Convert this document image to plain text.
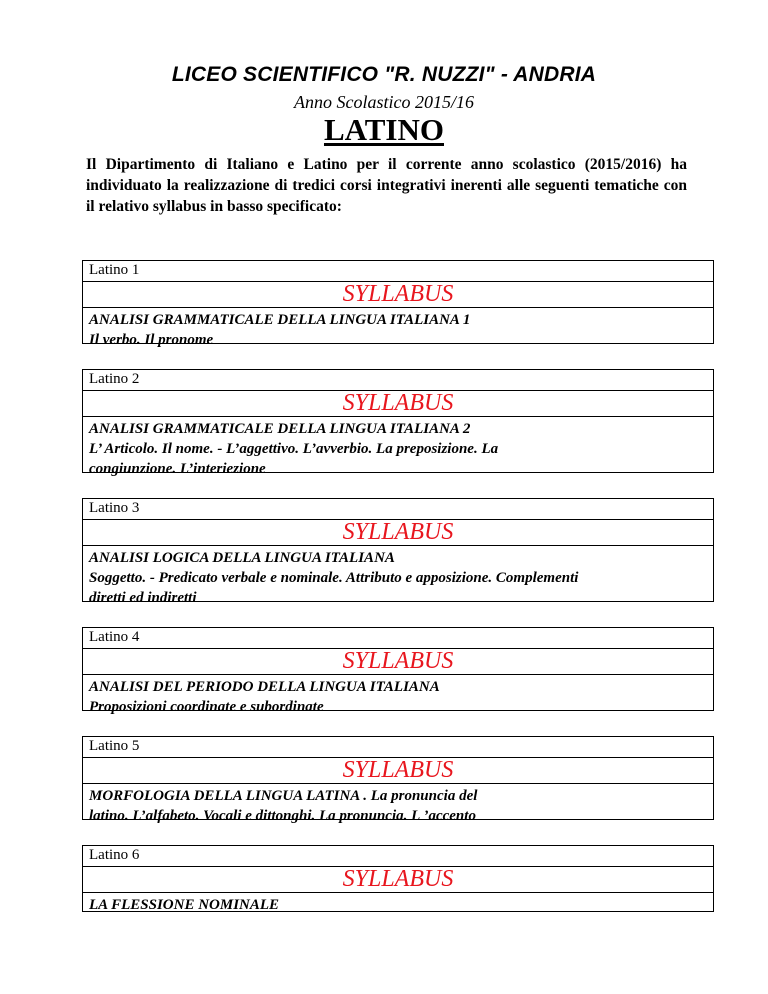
LICEO SCIENTIFICO "R. NUZZI" - ANDRIA
Anno Scolastico 2015/16
LATINO
Il Dipartimento di Italiano e Latino per il corrente anno scolastico (2015/2016) ha individuato la realizzazione di tredici corsi integrativi inerenti alle seguenti tematiche con il relativo syllabus in basso specificato:
Latino 1
SYLLABUS
ANALISI GRAMMATICALE DELLA LINGUA ITALIANA 1
Il verbo. Il pronome
Latino 2
SYLLABUS
ANALISI GRAMMATICALE DELLA LINGUA ITALIANA 2
L’ Articolo. Il nome. - L’aggettivo. L’avverbio. La preposizione. La
congiunzione. L’interiezione
Latino 3
SYLLABUS
ANALISI LOGICA DELLA LINGUA ITALIANA
Soggetto. - Predicato verbale e nominale. Attributo e apposizione. Complementi
diretti ed indiretti
Latino 4
SYLLABUS
ANALISI DEL PERIODO DELLA LINGUA ITALIANA
Proposizioni coordinate e subordinate
Latino 5
SYLLABUS
MORFOLOGIA DELLA LINGUA LATINA . La pronuncia del
latino. L’alfabeto. Vocali e dittonghi. La pronuncia. L ’accento
Latino 6
SYLLABUS
LA FLESSIONE NOMINALE
